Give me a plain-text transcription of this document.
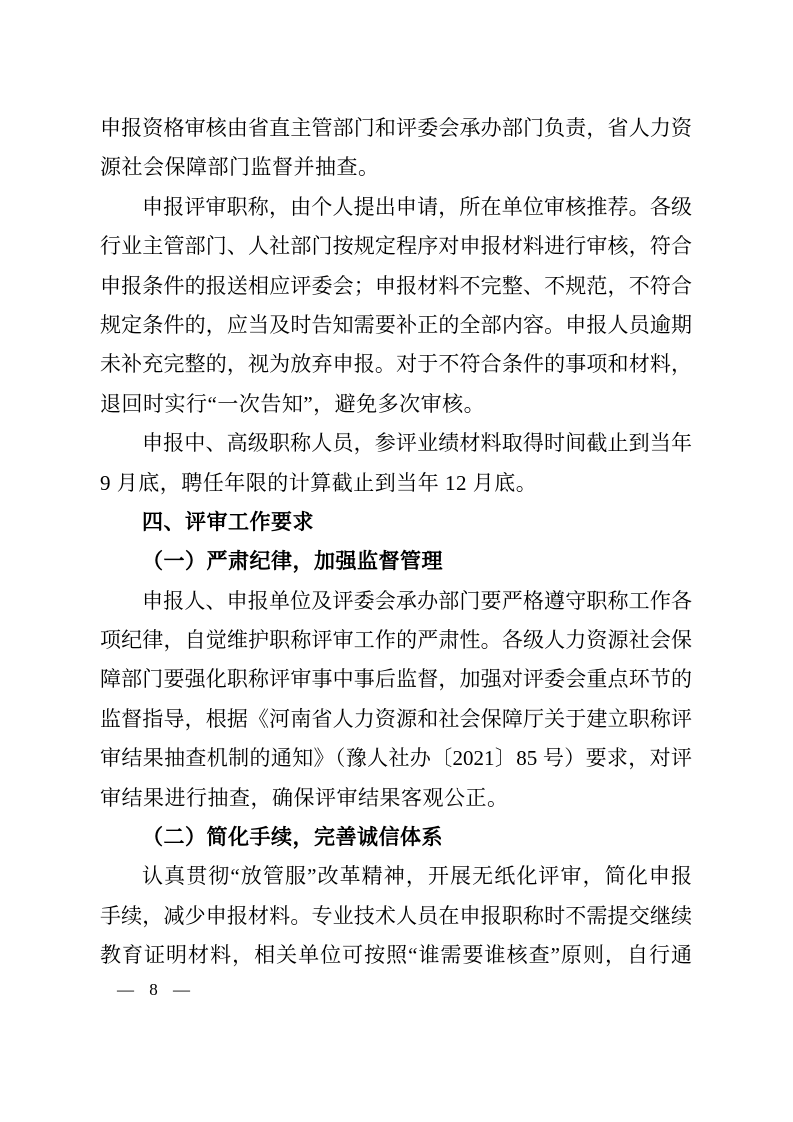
申报资格审核由省直主管部门和评委会承办部门负责，省人力资
源社会保障部门监督并抽查。
申报评审职称，由个人提出申请，所在单位审核推荐。各级
行业主管部门、人社部门按规定程序对申报材料进行审核，符合
申报条件的报送相应评委会；申报材料不完整、不规范，不符合
规定条件的，应当及时告知需要补正的全部内容。申报人员逾期
未补充完整的，视为放弃申报。对于不符合条件的事项和材料，
退回时实行“一次告知”，避免多次审核。
申报中、高级职称人员，参评业绩材料取得时间截止到当年
9 月底，聘任年限的计算截止到当年 12 月底。
四、评审工作要求
（一）严肃纪律，加强监督管理
申报人、申报单位及评委会承办部门要严格遵守职称工作各
项纪律，自觉维护职称评审工作的严肃性。各级人力资源社会保
障部门要强化职称评审事中事后监督，加强对评委会重点环节的
监督指导，根据《河南省人力资源和社会保障厅关于建立职称评
审结果抽查机制的通知》（豫人社办〔2021〕85 号）要求，对评
审结果进行抽查，确保评审结果客观公正。
（二）简化手续，完善诚信体系
认真贯彻“放管服”改革精神，开展无纸化评审，简化申报
手续，减少申报材料。专业技术人员在申报职称时不需提交继续
教育证明材料，相关单位可按照“谁需要谁核查”原则，自行通
— 8 —
